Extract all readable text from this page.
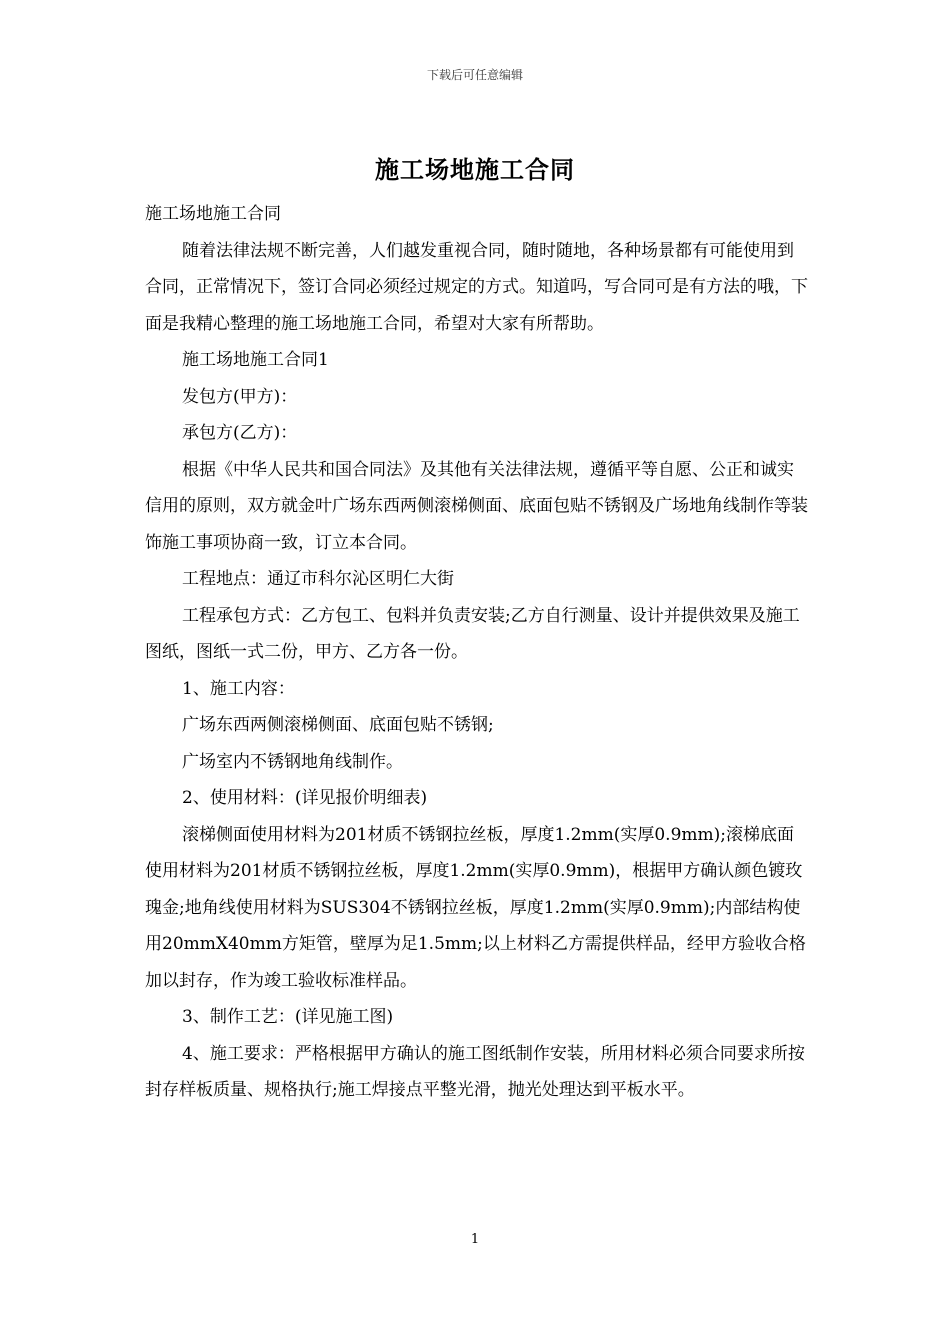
下载后可任意编辑
施工场地施工合同

施工场地施工合同

随着法律法规不断完善，人们越发重视合同，随时随地，各种场景都有可能使用到合同，正常情况下，签订合同必须经过规定的方式。知道吗，写合同可是有方法的哦，下面是我精心整理的施工场地施工合同，希望对大家有所帮助。

施工场地施工合同1

发包方(甲方)：

承包方(乙方)：

根据《中华人民共和国合同法》及其他有关法律法规，遵循平等自愿、公正和诚实信用的原则，双方就金叶广场东西两侧滚梯侧面、底面包贴不锈钢及广场地角线制作等装饰施工事项协商一致，订立本合同。

工程地点：通辽市科尔沁区明仁大街

工程承包方式：乙方包工、包料并负责安装;乙方自行测量、设计并提供效果及施工图纸，图纸一式二份，甲方、乙方各一份。

1、施工内容：

广场东西两侧滚梯侧面、底面包贴不锈钢;

广场室内不锈钢地角线制作。

2、使用材料：(详见报价明细表)

滚梯侧面使用材料为201材质不锈钢拉丝板，厚度1.2mm(实厚0.9mm);滚梯底面使用材料为201材质不锈钢拉丝板，厚度1.2mm(实厚0.9mm)，根据甲方确认颜色镀玫瑰金;地角线使用材料为SUS304不锈钢拉丝板，厚度1.2mm(实厚0.9mm);内部结构使用20mmX40mm方矩管，壁厚为足1.5mm;以上材料乙方需提供样品，经甲方验收合格加以封存，作为竣工验收标准样品。

3、制作工艺：(详见施工图)

4、施工要求：严格根据甲方确认的施工图纸制作安装，所用材料必须合同要求所按封存样板质量、规格执行;施工焊接点平整光滑，抛光处理达到平板水平。

1
